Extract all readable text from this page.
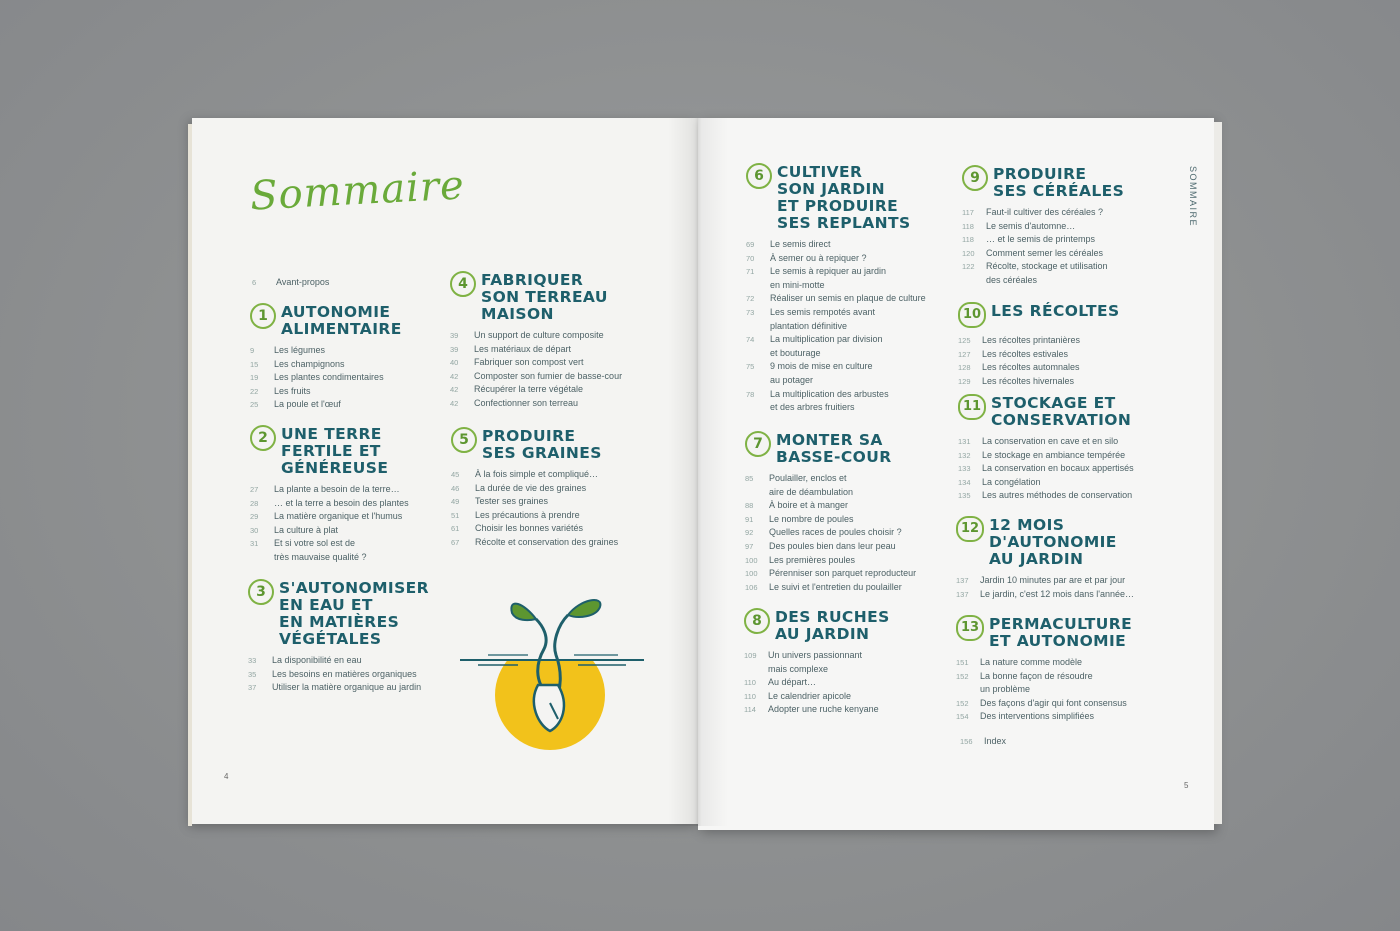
Sommaire	SOMMAIRE
6	Avant-propos
1 AUTONOMIE
ALIMENTAIRE
9	Les légumes
15	Les champignons
19	Les plantes condimentaires
22	Les fruits
25	La poule et l'œuf
2 UNE TERRE
FERTILE ET
GÉNÉREUSE
27	La plante a besoin de la terre…
28	… et la terre a besoin des plantes
29	La matière organique et l'humus
30	La culture à plat
31	Et si votre sol est de
très mauvaise qualité ?
3 S'AUTONOMISER
EN EAU ET
EN MATIÈRES
VÉGÉTALES
33	La disponibilité en eau
35	Les besoins en matières organiques
37	Utiliser la matière organique au jardin
4 FABRIQUER
SON TERREAU
MAISON
39	Un support de culture composite
39	Les matériaux de départ
40	Fabriquer son compost vert
42	Composter son fumier de basse-cour
42	Récupérer la terre végétale
42	Confectionner son terreau
5 PRODUIRE
SES GRAINES
45	À la fois simple et compliqué…
46	La durée de vie des graines
49	Tester ses graines
51	Les précautions à prendre
61	Choisir les bonnes variétés
67	Récolte et conservation des graines
6 CULTIVER
SON JARDIN
ET PRODUIRE
SES REPLANTS
69	Le semis direct
70	À semer ou à repiquer ?
71	Le semis à repiquer au jardin
en mini-motte
72	Réaliser un semis en plaque de culture
73	Les semis rempotés avant
plantation définitive
74	La multiplication par division
et bouturage
75	9 mois de mise en culture
au potager
78	La multiplication des arbustes
et des arbres fruitiers
7 MONTER SA
BASSE-COUR
85	Poulailler, enclos et
aire de déambulation
88	À boire et à manger
91	Le nombre de poules
92	Quelles races de poules choisir ?
97	Des poules bien dans leur peau
100	Les premières poules
100	Pérenniser son parquet reproducteur
106	Le suivi et l'entretien du poulailler
8 DES RUCHES
AU JARDIN
109	Un univers passionnant
mais complexe
110	Au départ…
110	Le calendrier apicole
114	Adopter une ruche kenyane
9 PRODUIRE
SES CÉRÉALES
117	Faut-il cultiver des céréales ?
118	Le semis d'automne…
118	… et le semis de printemps
120	Comment semer les céréales
122	Récolte, stockage et utilisation
des céréales
10 LES RÉCOLTES
125	Les récoltes printanières
127	Les récoltes estivales
128	Les récoltes automnales
129	Les récoltes hivernales
11 STOCKAGE ET
CONSERVATION
131	La conservation en cave et en silo
132	Le stockage en ambiance tempérée
133	La conservation en bocaux appertisés
134	La congélation
135	Les autres méthodes de conservation
12 12 MOIS
D'AUTONOMIE
AU JARDIN
137	Jardin 10 minutes par are et par jour
137	Le jardin, c'est 12 mois dans l'année…
13 PERMACULTURE
ET AUTONOMIE
151	La nature comme modèle
152	La bonne façon de résoudre
un problème
152	Des façons d'agir qui font consensus
154	Des interventions simplifiées
156	Index
4
5
